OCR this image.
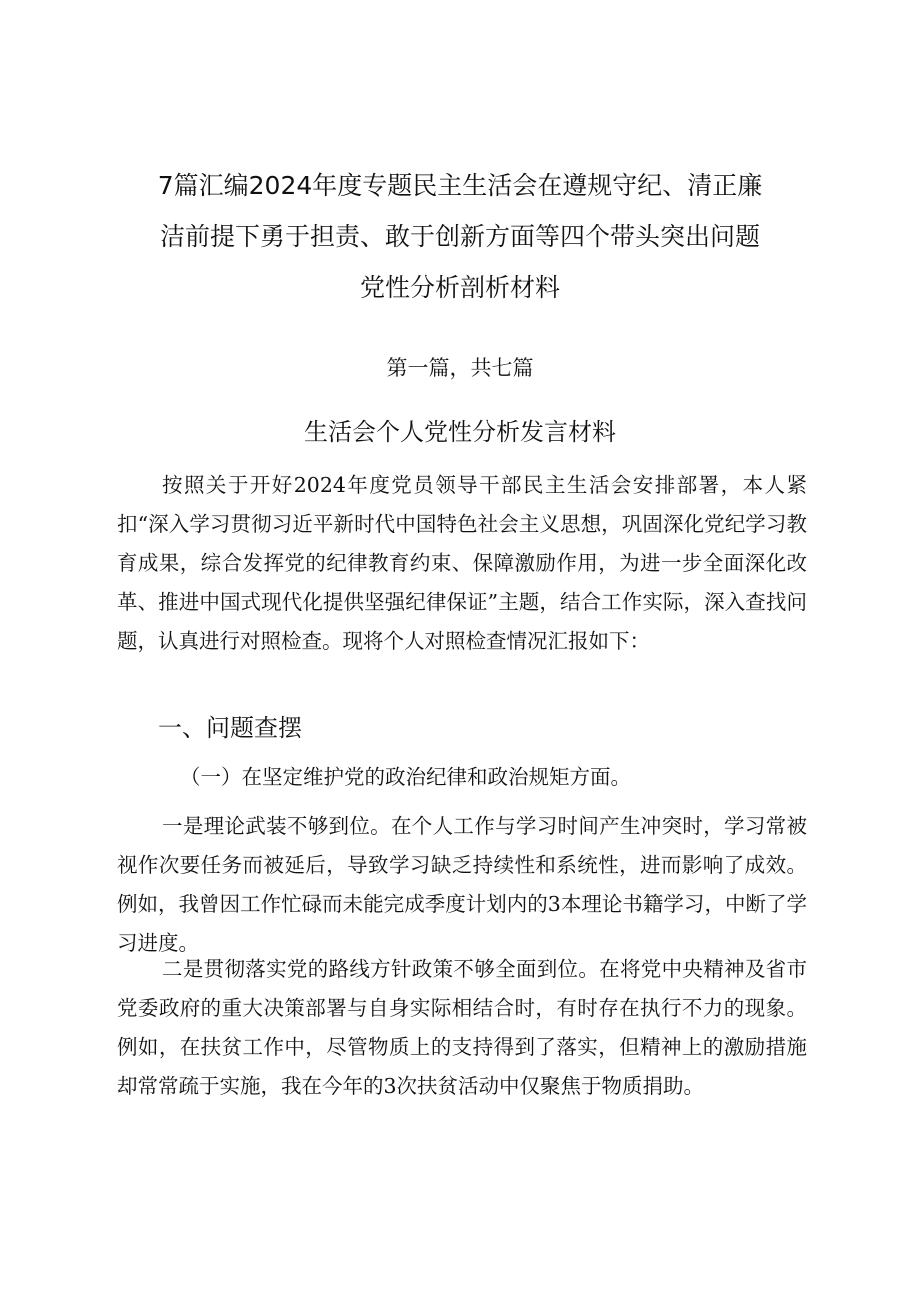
7篇汇编2024年度专题民主生活会在遵规守纪、清正廉
洁前提下勇于担责、敢于创新方面等四个带头突出问题
党性分析剖析材料
第一篇，共七篇
生活会个人党性分析发言材料

按照关于开好2024年度党员领导干部民主生活会安排部署，本人紧扣“深入学习贯彻习近平新时代中国特色社会主义思想，巩固深化党纪学习教育成果，综合发挥党的纪律教育约束、保障激励作用，为进一步全面深化改革、推进中国式现代化提供坚强纪律保证”主题，结合工作实际，深入查找问题，认真进行对照检查。现将个人对照检查情况汇报如下：

一、问题查摆
（一）在坚定维护党的政治纪律和政治规矩方面。

一是理论武装不够到位。在个人工作与学习时间产生冲突时，学习常被视作次要任务而被延后，导致学习缺乏持续性和系统性，进而影响了成效。例如，我曾因工作忙碌而未能完成季度计划内的3本理论书籍学习，中断了学习进度。

二是贯彻落实党的路线方针政策不够全面到位。在将党中央精神及省市党委政府的重大决策部署与自身实际相结合时，有时存在执行不力的现象。例如，在扶贫工作中，尽管物质上的支持得到了落实，但精神上的激励措施却常常疏于实施，我在今年的3次扶贫活动中仅聚焦于物质捐助。
